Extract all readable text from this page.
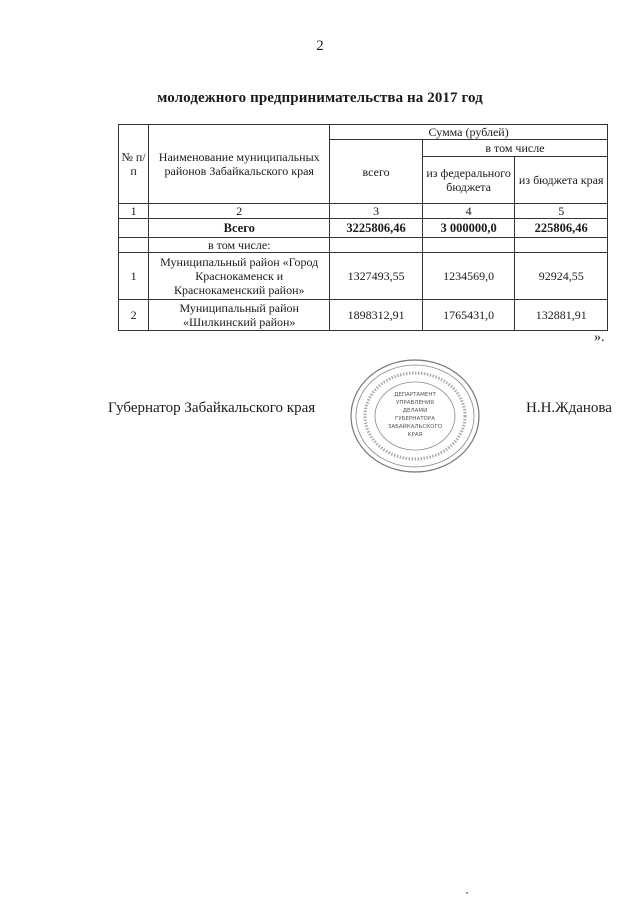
2
молодежного предпринимательства на 2017 год
№ п/п	Наименование муниципальных районов Забайкальского края	Сумма (рублей)		
		всего	в том числе	
			из федерального бюджета	из бюджета края
1	2	3	4	5
	Всего	3225806,46	3 000000,0	225806,46
	в том числе:			
1	Муниципальный район «Город Краснокаменск и Краснокаменский район»	1327493,55	1234569,0	92924,55
2	Муниципальный район «Шилкинский район»	1898312,91	1765431,0	132881,91
».
Губернатор Забайкальского края
ДЕПАРТАМЕНТ
УПРАВЛЕНИЯ
ДЕЛАМИ
ГУБЕРНАТОРА
ЗАБАЙКАЛЬСКОГО
КРАЯ
Н.Н.Жданова
